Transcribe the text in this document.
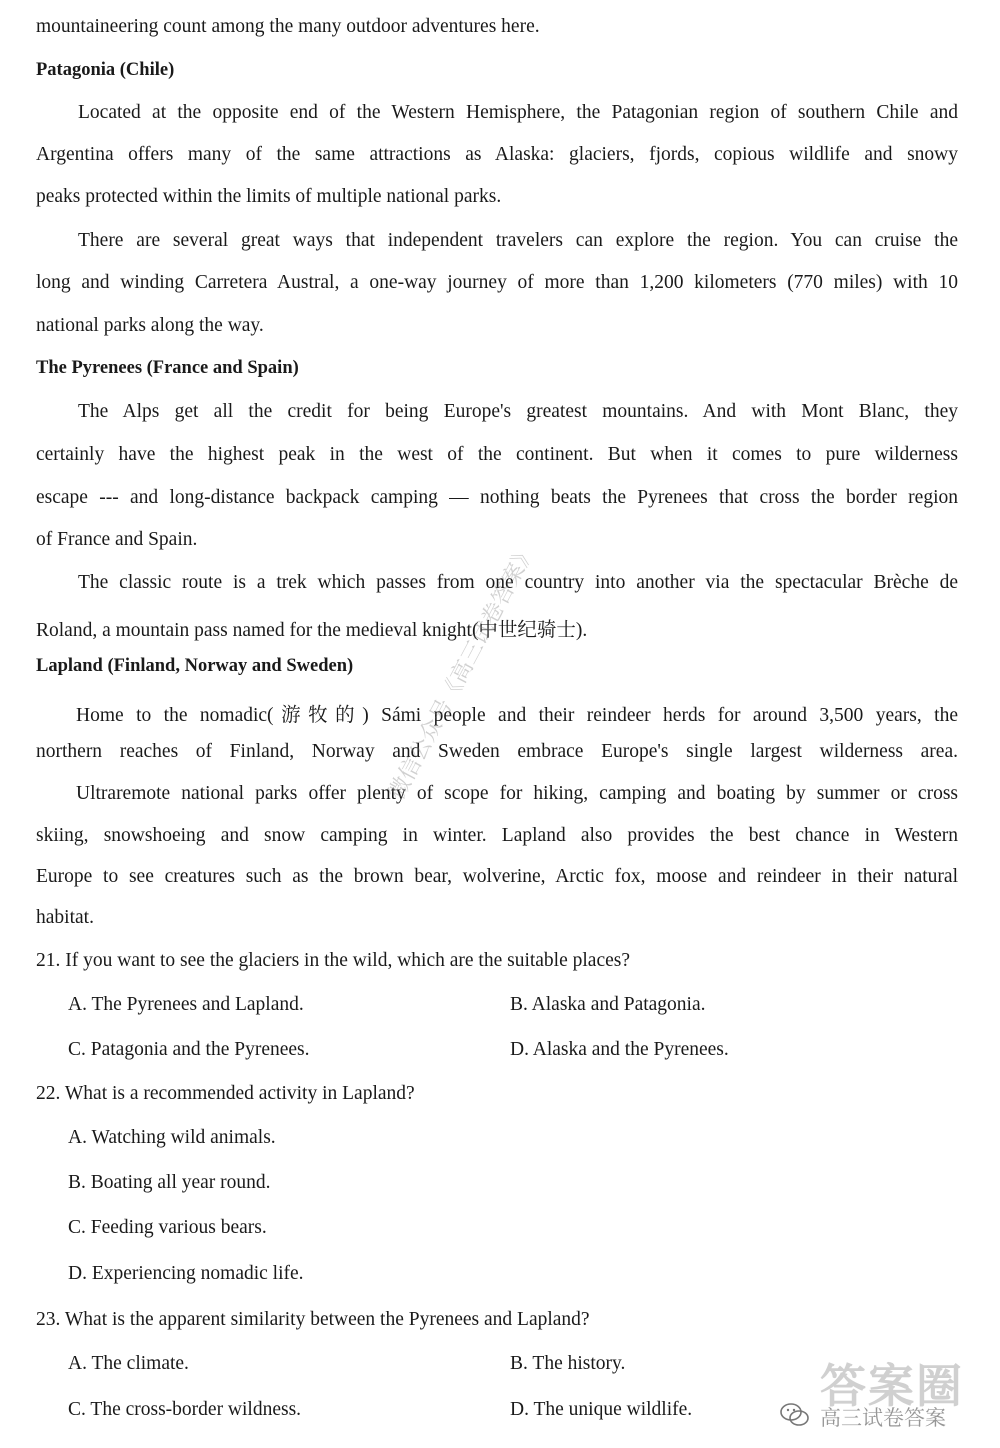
mountaineering count among the many outdoor adventures here.
Patagonia (Chile)
Located at the opposite end of the Western Hemisphere, the Patagonian region of southern Chile and
Argentina offers many of the same attractions as Alaska: glaciers, fjords, copious wildlife and snowy
peaks protected within the limits of multiple national parks.
There are several great ways that independent travelers can explore the region. You can cruise the
long and winding Carretera Austral, a one-way journey of more than 1,200 kilometers (770 miles) with 10
national parks along the way.
The Pyrenees (France and Spain)
The Alps get all the credit for being Europe's greatest mountains. And with Mont Blanc, they
certainly have the highest peak in the west of the continent. But when it comes to pure wilderness
escape --- and long-distance backpack camping — nothing beats the Pyrenees that cross the border region
of France and Spain.
The classic route is a trek which passes from one country into another via the spectacular Brèche de
Roland, a mountain pass named for the medieval knight(中世纪骑士).
Lapland (Finland, Norway and Sweden)
Home to the nomadic(游牧的) Sámi people and their reindeer herds for around 3,500 years, the
northern reaches of Finland, Norway and Sweden embrace Europe's single largest wilderness area.
Ultraremote national parks offer plenty of scope for hiking, camping and boating by summer or cross
skiing, snowshoeing and snow camping in winter. Lapland also provides the best chance in Western
Europe to see creatures such as the brown bear, wolverine, Arctic fox, moose and reindeer in their natural
habitat.
21. If you want to see the glaciers in the wild, which are the suitable places?
A. The Pyrenees and Lapland.	B. Alaska and Patagonia.
C. Patagonia and the Pyrenees.	D. Alaska and the Pyrenees.
22. What is a recommended activity in Lapland?
A. Watching wild animals.
B. Boating all year round.
C. Feeding various bears.
D. Experiencing nomadic life.
23. What is the apparent similarity between the Pyrenees and Lapland?
A. The climate.	B. The history.
C. The cross-border wildness.	D. The unique wildlife.
微信公众号《高三试卷答案》
答案圈
高三试卷答案
